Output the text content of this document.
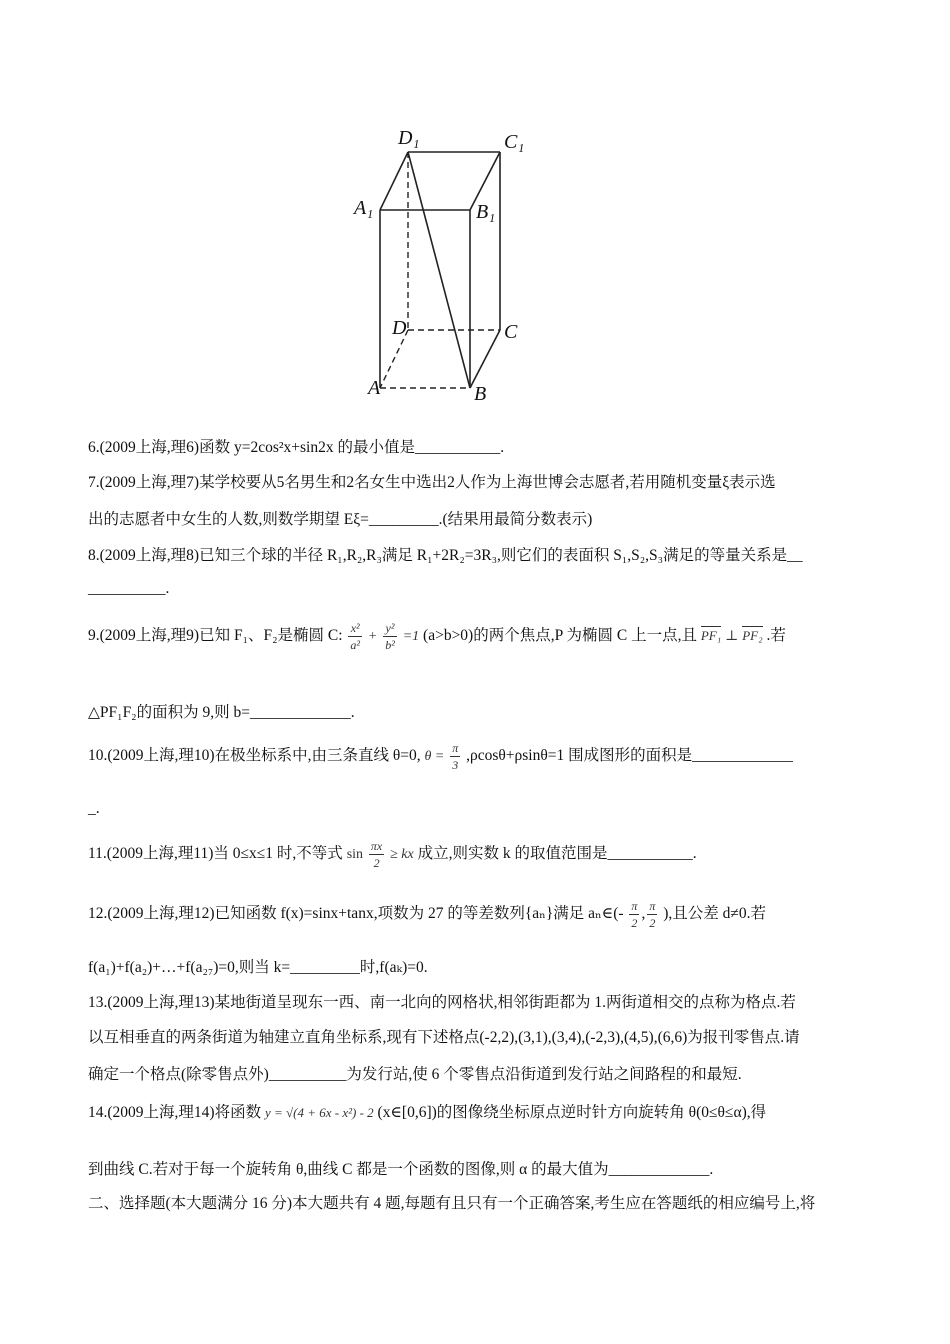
D₁	C₁
A₁	B₁
D	C
A	B
6.(2009上海,理6)函数 y=2cos²x+sin2x 的最小值是___________.
7.(2009上海,理7)某学校要从5名男生和2名女生中选出2人作为上海世博会志愿者,若用随机变量ξ表示选
出的志愿者中女生的人数,则数学期望 Eξ=_________.(结果用最简分数表示)
8.(2009上海,理8)已知三个球的半径 R₁,R₂,R₃满足 R₁+2R₂=3R₃,则它们的表面积 S₁,S₂,S₃满足的等量关系是__
__________.
9.(2009上海,理9)已知 F₁、F₂是椭圆 C: $\frac{\text{x²}}{\text{a²}} + \frac{\text{y²}}{\text{b²}} =1$ (a>b>0)的两个焦点,P 为椭圆 C 上一点,且 PF₁ ⊥ PF₂ .若
△PF₁F₂的面积为 9,则 b=_____________.
10.(2009上海,理10)在极坐标系中,由三条直线 θ=0, $\theta = \frac{\pi}{3} ,\rho\cos\theta+\rho\sin\theta=1$ 围成图形的面积是_____________
_.
11.(2009上海,理11)当 0≤x≤1 时,不等式 $\sin \frac{\pi x}{2}$ ≥ kx 成立,则实数 k 的取值范围是___________.
12.(2009上海,理12)已知函数 f(x)=sinx+tanx,项数为 27 的等差数列{aₙ}满足 aₙ∈(- $\frac{\pi}{2}$ , $\frac{\pi}{2}$ ),且公差 d≠0.若
f(a₁)+f(a₂)+…+f(a₂₇)=0,则当 k=_________时,f(aₖ)=0.
13.(2009上海,理13)某地街道呈现东一西、南一北向的网格状,相邻街距都为 1.两街道相交的点称为格点.若
以互相垂直的两条街道为轴建立直角坐标系,现有下述格点(-2,2),(3,1),(3,4),(-2,3),(4,5),(6,6)为报刊零售点.请
确定一个格点(除零售点外)__________为发行站,使 6 个零售点沿街道到发行站之间路程的和最短.
14.(2009上海,理14)将函数 y = √(4 + 6x - x²) - 2 (x∈[0,6])的图像绕坐标原点逆时针方向旋转角 θ(0≤θ≤α),得
到曲线 C.若对于每一个旋转角 θ,曲线 C 都是一个函数的图像,则 α 的最大值为_____________.
二、选择题(本大题满分 16 分)本大题共有 4 题,每题有且只有一个正确答案,考生应在答题纸的相应编号上,将
